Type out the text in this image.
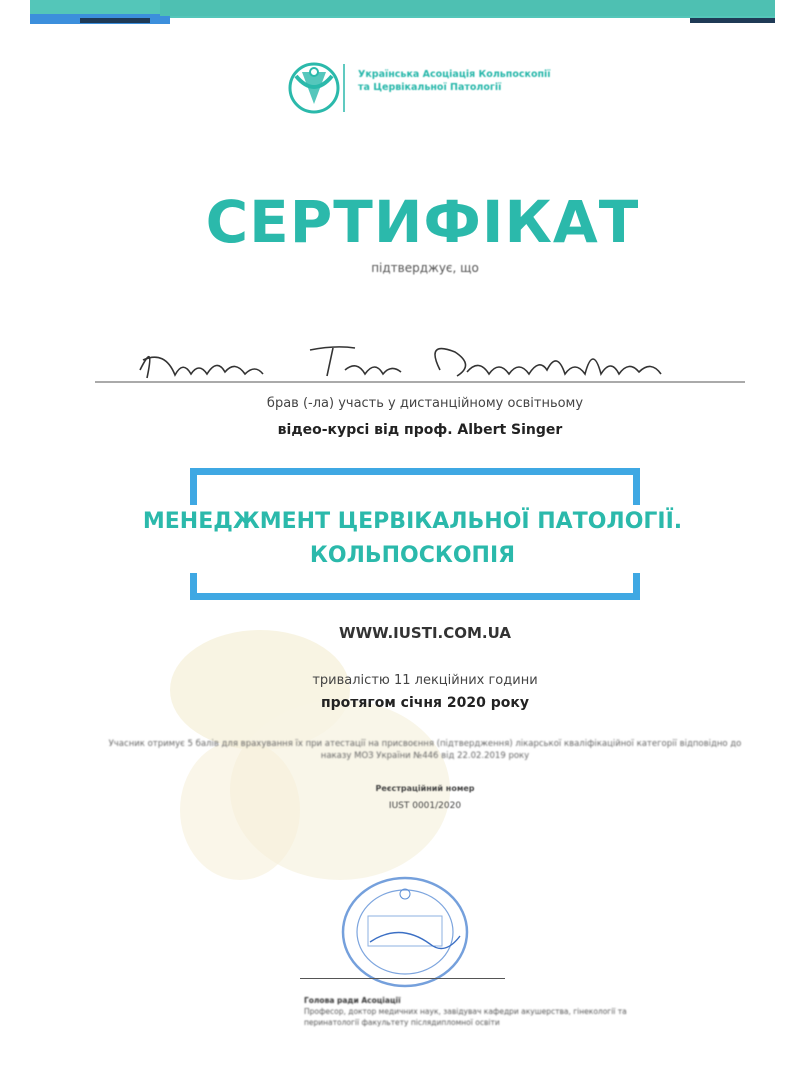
Українська Асоціація Кольпоскопії
та Цервікальної Патології
СЕРТИФІКАТ
підтверджує, що
брав (-ла) участь у дистанційному освітньому
відео-курсі від проф. Albert Singer
МЕНЕДЖМЕНТ ЦЕРВІКАЛЬНОЇ ПАТОЛОГІЇ.
КОЛЬПОСКОПІЯ
WWW.IUSTI.COM.UA
тривалістю 11 лекційних години
протягом січня 2020 року
Учасник отримує 5 балів для врахування їх при атестації на присвоєння (підтвердження) лікарської кваліфікаційної категорії відповідно до наказу МОЗ України №446 від 22.02.2019 року
Реєстраційний номер
IUST 0001/2020
Голова ради Асоціації
Професор, доктор медичних наук, завідувач кафедри акушерства, гінекології та перинатології факультету післядипломної освіти
